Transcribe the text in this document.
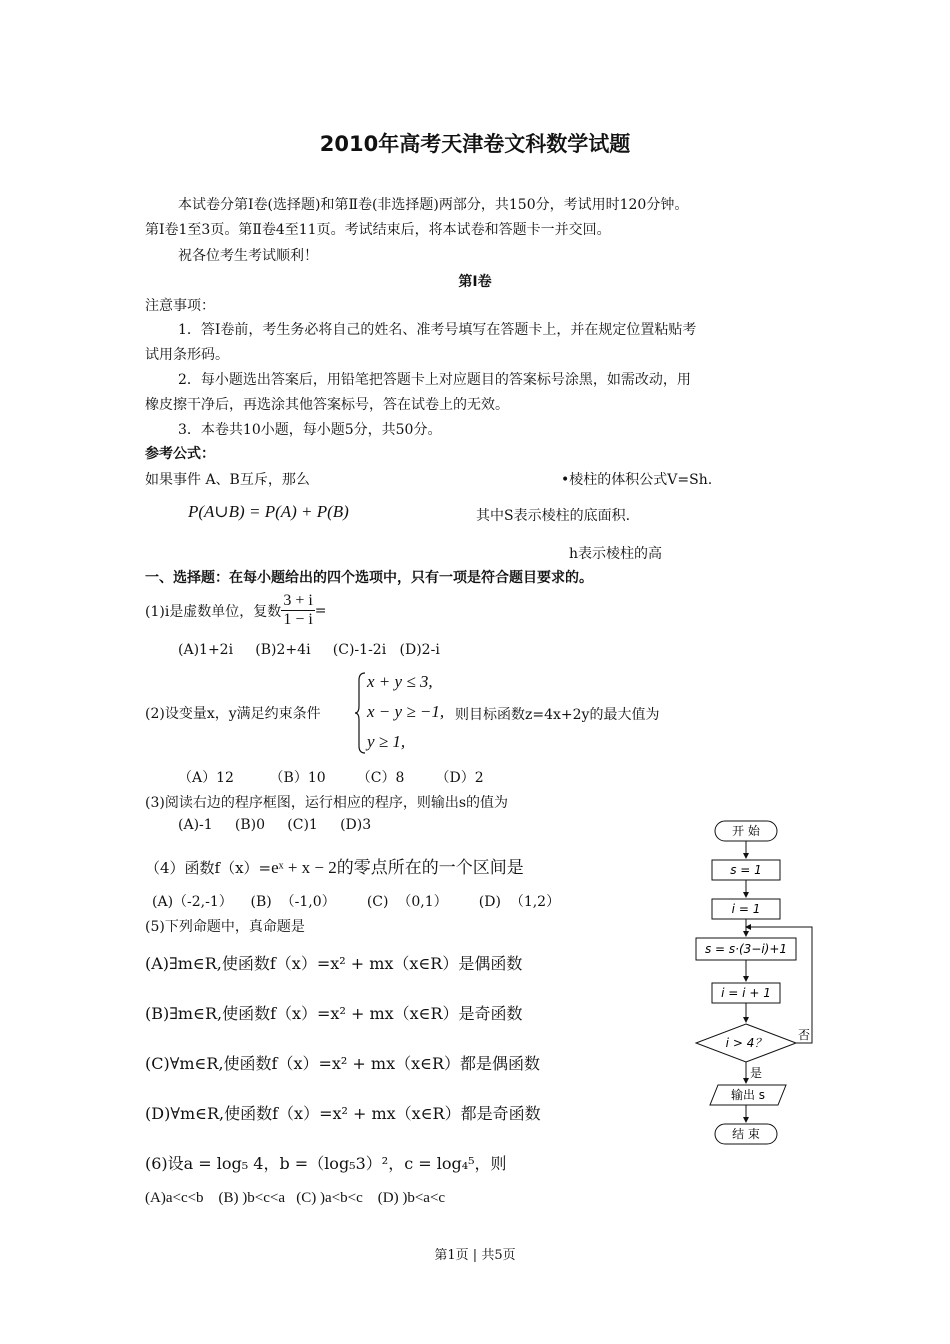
2010年高考天津卷文科数学试题
本试卷分第Ⅰ卷(选择题)和第Ⅱ卷(非选择题)两部分，共150分，考试用时120分钟。
第Ⅰ卷1至3页。第Ⅱ卷4至11页。考试结束后，将本试卷和答题卡一并交回。
祝各位考生考试顺利！
第Ⅰ卷
注意事项：
1．答Ⅰ卷前，考生务必将自己的姓名、准考号填写在答题卡上，并在规定位置粘贴考
试用条形码。
2．每小题选出答案后，用铅笔把答题卡上对应题目的答案标号涂黑，如需改动，用
橡皮擦干净后，再选涂其他答案标号，答在试卷上的无效。
3．本卷共10小题，每小题5分，共50分。
参考公式：
如果事件 A、B互斥，那么	•棱柱的体积公式V=Sh.
P(A∪B) = P(A) + P(B)	其中S表示棱柱的底面积.
h表示棱柱的高
一、选择题：在每小题给出的四个选项中，只有一项是符合题目要求的。
(1)i是虚数单位，复数 $\frac{3 + i}{1 - i}$ =
(A)1+2i     (B)2+4i     (C)-1-2i   (D)2-i
(2)设变量x，y满足约束条件
x + y ≤ 3,
x − y ≥ −1,
y ≥ 1,
则目标函数z=4x+2y的最大值为
（A）12        （B）10       （C）8       （D）2
(3)阅读右边的程序框图，运行相应的程序，则输出s的值为
(A)-1     (B)0     (C)1     (D)3
（4）函数f（x）=eˣ + x − 2的零点所在的一个区间是
(A)（-2,-1）    (B)  （-1,0）       (C)  （0,1）       (D)  （1,2）
(5)下列命题中，真命题是
(A)∃m∈R,使函数f（x）=x² + mx（x∈R）是偶函数
(B)∃m∈R,使函数f（x）=x² + mx（x∈R）是奇函数
(C)∀m∈R,使函数f（x）=x² + mx（x∈R）都是偶函数
(D)∀m∈R,使函数f（x）=x² + mx（x∈R）都是奇函数
(6)设a = log₅ 4，b =（log₅3）²，c = log₄⁵，则
(A)a<c<b    (B) )b<c<a   (C) )a<b<c    (D) )b<a<c
开 始
s = 1
i = 1
s = s·(3−i)+1
i = i + 1
i > 4？
否
是
输出 s
结 束
第1页 | 共5页
